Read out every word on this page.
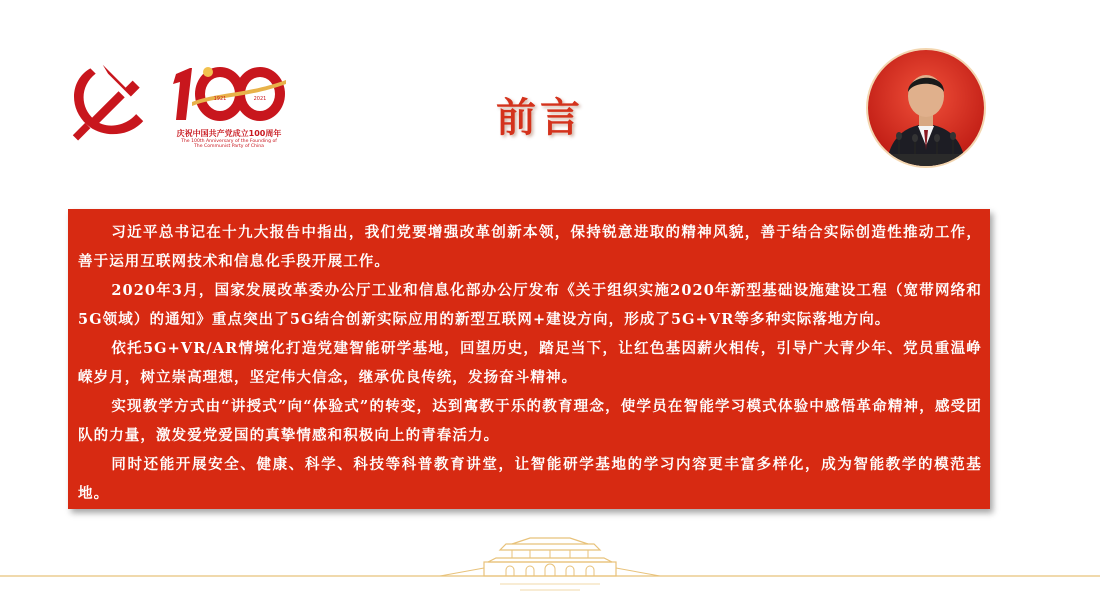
1921	2021
庆祝中国共产党成立100周年
The 100th Anniversary of the Founding of
The Communist Party of China
前言

习近平总书记在十九大报告中指出，我们党要增强改革创新本领，保持锐意进取的精神风貌，善于结合实际创造性推动工作，善于运用互联网技术和信息化手段开展工作。

2020年3月，国家发展改革委办公厅工业和信息化部办公厅发布《关于组织实施2020年新型基础设施建设工程（宽带网络和5G领域）的通知》重点突出了5G结合创新实际应用的新型互联网+建设方向，形成了5G+VR等多种实际落地方向。

依托5G+VR/AR情境化打造党建智能研学基地，回望历史，踏足当下，让红色基因薪火相传，引导广大青少年、党员重温峥嵘岁月，树立崇高理想，坚定伟大信念，继承优良传统，发扬奋斗精神。

实现教学方式由“讲授式”向“体验式”的转变，达到寓教于乐的教育理念，使学员在智能学习模式体验中感悟革命精神，感受团队的力量，激发爱党爱国的真挚情感和积极向上的青春活力。

同时还能开展安全、健康、科学、科技等科普教育讲堂，让智能研学基地的学习内容更丰富多样化，成为智能教学的模范基地。
